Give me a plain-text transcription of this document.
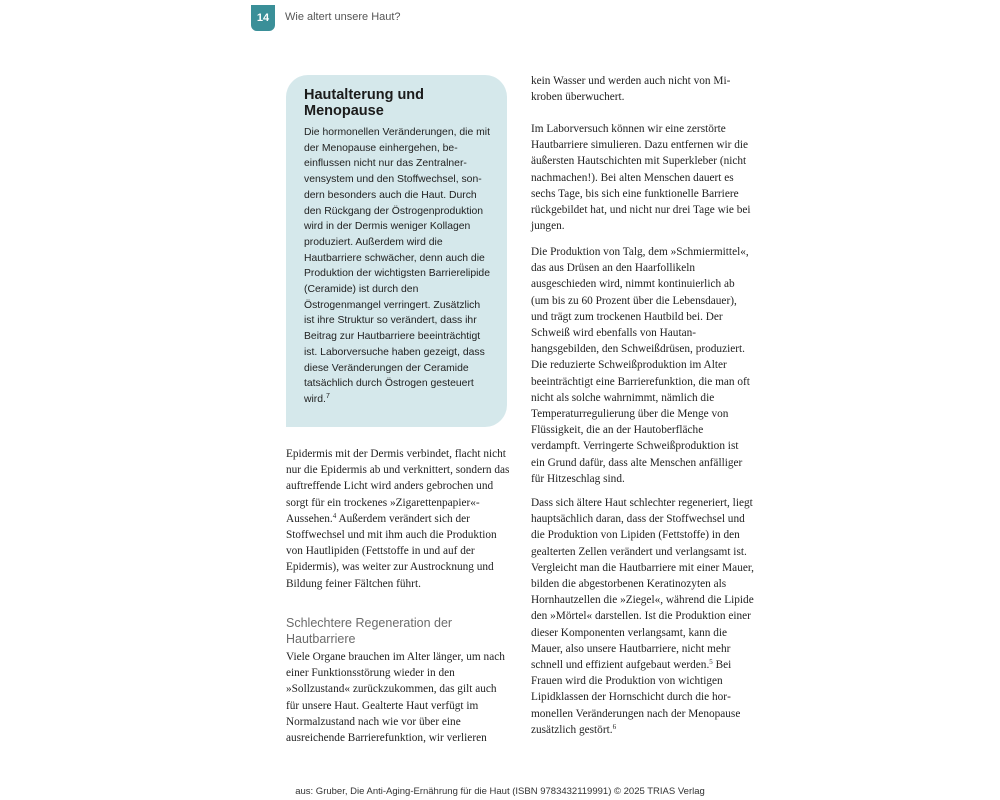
14	Wie altert unsere Haut?
Hautalterung und Menopause

Die hormonellen Veränderungen, die mit der Menopause einhergehen, beeinflussen nicht nur das Zentralnervensystem und den Stoffwechsel, sondern besonders auch die Haut. Durch den Rückgang der Östrogenproduktion wird in der Dermis weniger Kollagen produziert. Außerdem wird die Hautbarriere schwächer, denn auch die Produktion der wichtigsten Barrierelipide (Ceramide) ist durch den Östrogenmangel verringert. Zusätzlich ist ihre Struktur so verändert, dass ihr Beitrag zur Hautbarriere beeinträchtigt ist. Laborversuche haben gezeigt, dass diese Veränderungen der Ceramide tatsächlich durch Östrogen gesteuert wird.$^7$

Epidermis mit der Dermis verbindet, flacht nicht nur die Epidermis ab und verknittert, sondern das auftreffende Licht wird anders gebrochen und sorgt für ein trockenes »Zigarettenpapier«-Aussehen.$^4$ Außerdem verändert sich der Stoffwechsel und mit ihm auch die Produktion von Hautlipiden (Fettstoffe in und auf der Epidermis), was weiter zur Austrocknung und Bildung feiner Fältchen führt.

Schlechtere Regeneration der Hautbarriere

Viele Organe brauchen im Alter länger, um nach einer Funktionsstörung wieder in den »Sollzustand« zurückzukommen, das gilt auch für unsere Haut. Gealterte Haut verfügt im Normalzustand nach wie vor über eine ausreichende Barrierefunktion, wir verlieren

kein Wasser und werden auch nicht von Mikroben überwuchert.

Im Laborversuch können wir eine zerstörte Hautbarriere simulieren. Dazu entfernen wir die äußersten Hautschichten mit Superkleber (nicht nachmachen!). Bei alten Menschen dauert es sechs Tage, bis sich eine funktionelle Barriere rückgebildet hat, und nicht nur drei Tage wie bei jungen.

Die Produktion von Talg, dem »Schmiermittel«, das aus Drüsen an den Haarfollikeln ausgeschieden wird, nimmt kontinuierlich ab (um bis zu 60 Prozent über die Lebensdauer), und trägt zum trockenen Hautbild bei. Der Schweiß wird ebenfalls von Hautanhangsgebilden, den Schweißdrüsen, produziert. Die reduzierte Schweißproduktion im Alter beeinträchtigt eine Barrierefunktion, die man oft nicht als solche wahrnimmt, nämlich die Temperaturregulierung über die Menge von Flüssigkeit, die an der Hautoberfläche verdampft. Verringerte Schweißproduktion ist ein Grund dafür, dass alte Menschen anfälliger für Hitzeschlag sind.

Dass sich ältere Haut schlechter regeneriert, liegt hauptsächlich daran, dass der Stoffwechsel und die Produktion von Lipiden (Fettstoffe) in den gealterten Zellen verändert und verlangsamt ist. Vergleicht man die Hautbarriere mit einer Mauer, bilden die abgestorbenen Keratinozyten als Hornhautzellen die »Ziegel«, während die Lipide den »Mörtel« darstellen. Ist die Produktion einer dieser Komponenten verlangsamt, kann die Mauer, also unsere Hautbarriere, nicht mehr schnell und effizient aufgebaut werden.$^5$ Bei Frauen wird die Produktion von wichtigen Lipidklassen der Hornschicht durch die hormonellen Veränderungen nach der Menopause zusätzlich gestört.$^6$

aus: Gruber, Die Anti-Aging-Ernährung für die Haut (ISBN 9783432119991) © 2025 TRIAS Verlag
